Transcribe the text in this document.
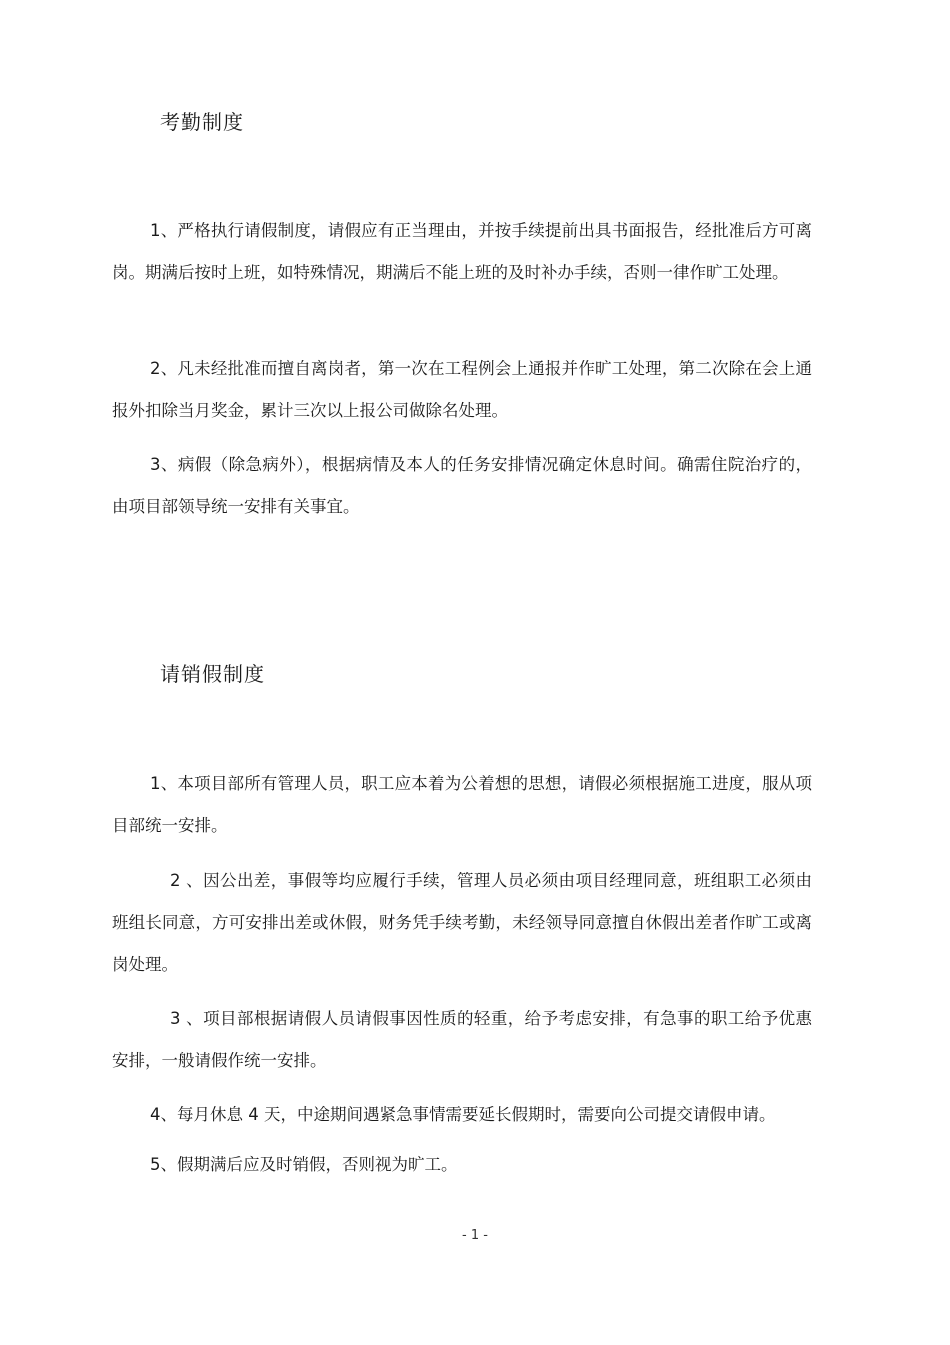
考勤制度

1、严格执行请假制度，请假应有正当理由，并按手续提前出具书面报告，经批准后方可离岗。期满后按时上班，如特殊情况，期满后不能上班的及时补办手续，否则一律作旷工处理。

2、凡未经批准而擅自离岗者，第一次在工程例会上通报并作旷工处理，第二次除在会上通报外扣除当月奖金，累计三次以上报公司做除名处理。

3、病假（除急病外），根据病情及本人的任务安排情况确定休息时间。确需住院治疗的，由项目部领导统一安排有关事宜。

请销假制度

1、本项目部所有管理人员，职工应本着为公着想的思想，请假必须根据施工进度，服从项目部统一安排。

2 、因公出差，事假等均应履行手续，管理人员必须由项目经理同意，班组职工必须由班组长同意，方可安排出差或休假，财务凭手续考勤，未经领导同意擅自休假出差者作旷工或离岗处理。

3 、项目部根据请假人员请假事因性质的轻重，给予考虑安排，有急事的职工给予优惠安排，一般请假作统一安排。

4、每月休息 4 天，中途期间遇紧急事情需要延长假期时，需要向公司提交请假申请。

5、假期满后应及时销假，否则视为旷工。

- 1 -
